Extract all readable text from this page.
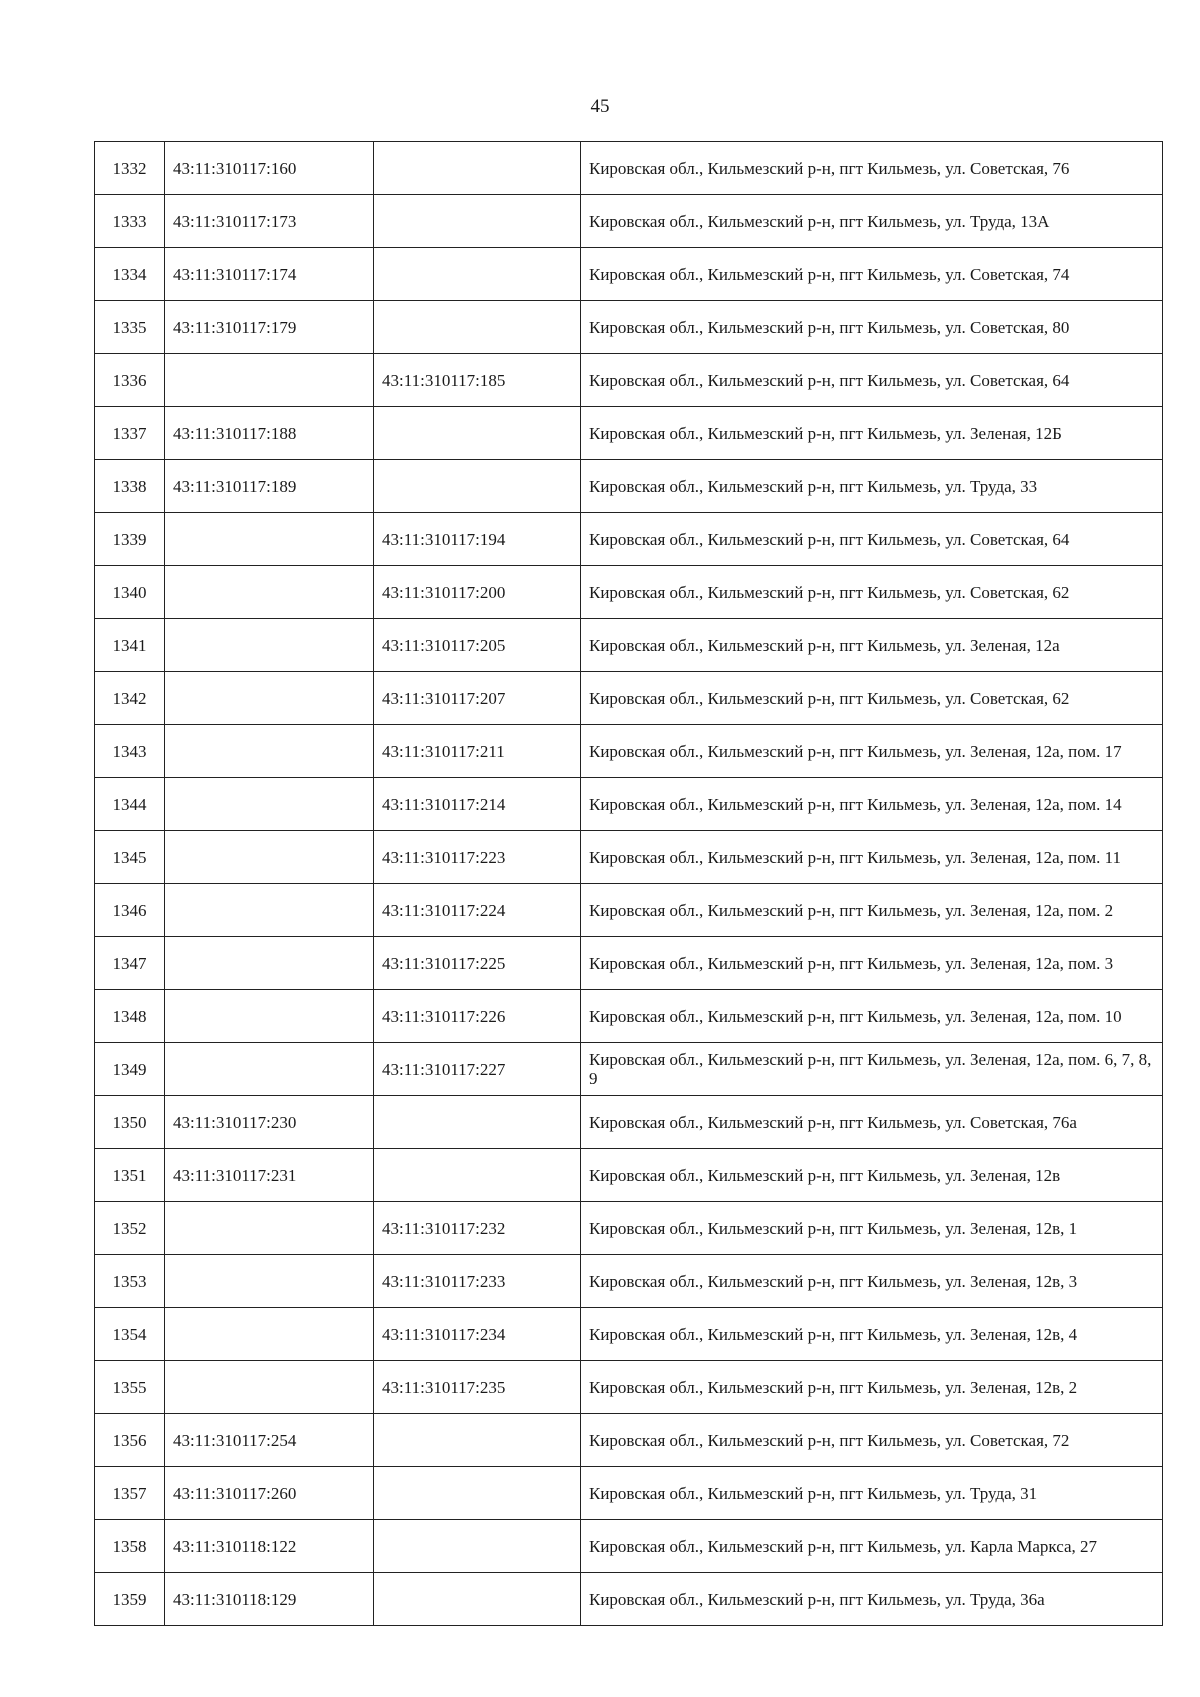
45
1332	43:11:310117:160		Кировская обл., Кильмезский р-н, пгт Кильмезь, ул. Советская, 76
1333	43:11:310117:173		Кировская обл., Кильмезский р-н, пгт Кильмезь, ул. Труда, 13А
1334	43:11:310117:174		Кировская обл., Кильмезский р-н, пгт Кильмезь, ул. Советская, 74
1335	43:11:310117:179		Кировская обл., Кильмезский р-н, пгт Кильмезь, ул. Советская, 80
1336		43:11:310117:185	Кировская обл., Кильмезский р-н, пгт Кильмезь, ул. Советская, 64
1337	43:11:310117:188		Кировская обл., Кильмезский р-н, пгт Кильмезь, ул. Зеленая, 12Б
1338	43:11:310117:189		Кировская обл., Кильмезский р-н, пгт Кильмезь, ул. Труда, 33
1339		43:11:310117:194	Кировская обл., Кильмезский р-н, пгт Кильмезь, ул. Советская, 64
1340		43:11:310117:200	Кировская обл., Кильмезский р-н, пгт Кильмезь, ул. Советская, 62
1341		43:11:310117:205	Кировская обл., Кильмезский р-н, пгт Кильмезь, ул. Зеленая, 12а
1342		43:11:310117:207	Кировская обл., Кильмезский р-н, пгт Кильмезь, ул. Советская, 62
1343		43:11:310117:211	Кировская обл., Кильмезский р-н, пгт Кильмезь, ул. Зеленая, 12а, пом. 17
1344		43:11:310117:214	Кировская обл., Кильмезский р-н, пгт Кильмезь, ул. Зеленая, 12а, пом. 14
1345		43:11:310117:223	Кировская обл., Кильмезский р-н, пгт Кильмезь, ул. Зеленая, 12а, пом. 11
1346		43:11:310117:224	Кировская обл., Кильмезский р-н, пгт Кильмезь, ул. Зеленая, 12а, пом. 2
1347		43:11:310117:225	Кировская обл., Кильмезский р-н, пгт Кильмезь, ул. Зеленая, 12а, пом. 3
1348		43:11:310117:226	Кировская обл., Кильмезский р-н, пгт Кильмезь, ул. Зеленая, 12а, пом. 10
1349		43:11:310117:227	Кировская обл., Кильмезский р-н, пгт Кильмезь, ул. Зеленая, 12а, пом. 6, 7, 8, 9
1350	43:11:310117:230		Кировская обл., Кильмезский р-н, пгт Кильмезь, ул. Советская, 76а
1351	43:11:310117:231		Кировская обл., Кильмезский р-н, пгт Кильмезь, ул. Зеленая, 12в
1352		43:11:310117:232	Кировская обл., Кильмезский р-н, пгт Кильмезь, ул. Зеленая, 12в, 1
1353		43:11:310117:233	Кировская обл., Кильмезский р-н, пгт Кильмезь, ул. Зеленая, 12в, 3
1354		43:11:310117:234	Кировская обл., Кильмезский р-н, пгт Кильмезь, ул. Зеленая, 12в, 4
1355		43:11:310117:235	Кировская обл., Кильмезский р-н, пгт Кильмезь, ул. Зеленая, 12в, 2
1356	43:11:310117:254		Кировская обл., Кильмезский р-н, пгт Кильмезь, ул. Советская, 72
1357	43:11:310117:260		Кировская обл., Кильмезский р-н, пгт Кильмезь, ул. Труда, 31
1358	43:11:310118:122		Кировская обл., Кильмезский р-н, пгт Кильмезь, ул. Карла Маркса, 27
1359	43:11:310118:129		Кировская обл., Кильмезский р-н, пгт Кильмезь, ул. Труда, 36а
